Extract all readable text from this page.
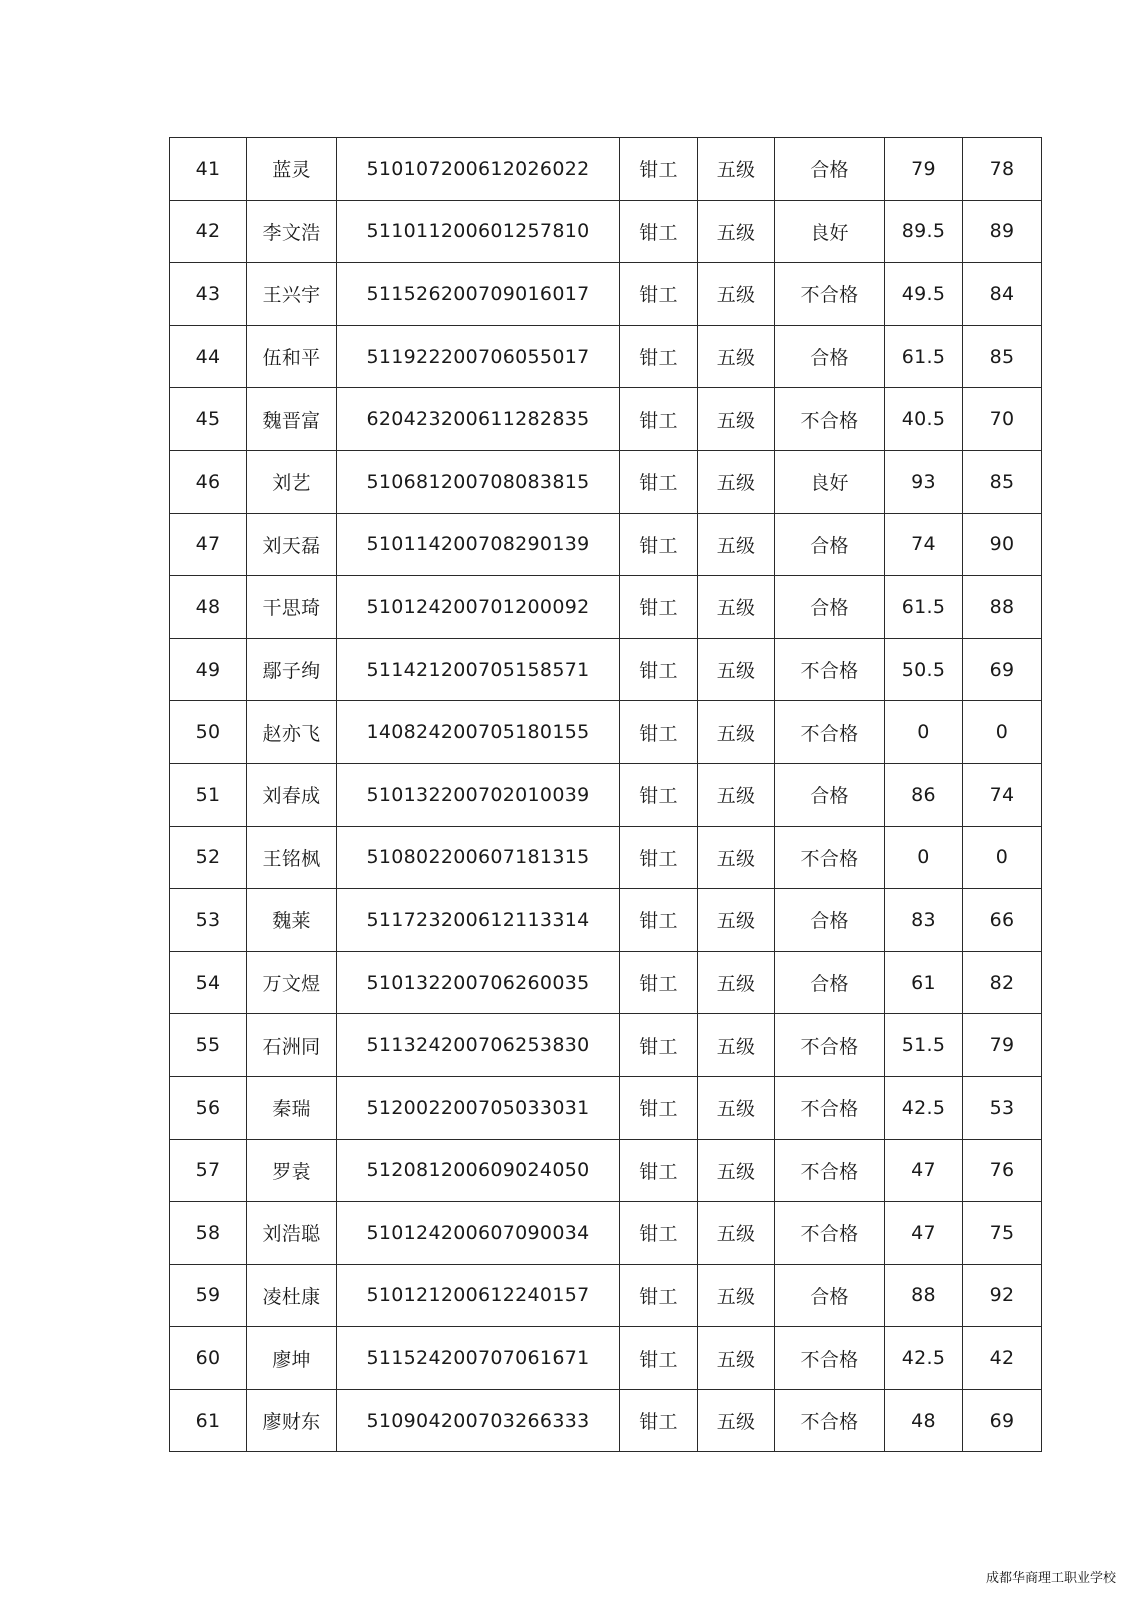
41	蓝灵	510107200612026022	钳工	五级	合格	79	78
42	李文浩	511011200601257810	钳工	五级	良好	89.5	89
43	王兴宇	511526200709016017	钳工	五级	不合格	49.5	84
44	伍和平	511922200706055017	钳工	五级	合格	61.5	85
45	魏晋富	620423200611282835	钳工	五级	不合格	40.5	70
46	刘艺	510681200708083815	钳工	五级	良好	93	85
47	刘天磊	510114200708290139	钳工	五级	合格	74	90
48	干思琦	510124200701200092	钳工	五级	合格	61.5	88
49	鄢子绚	511421200705158571	钳工	五级	不合格	50.5	69
50	赵亦飞	140824200705180155	钳工	五级	不合格	0	0
51	刘春成	510132200702010039	钳工	五级	合格	86	74
52	王铭枫	510802200607181315	钳工	五级	不合格	0	0
53	魏莱	511723200612113314	钳工	五级	合格	83	66
54	万文煜	510132200706260035	钳工	五级	合格	61	82
55	石洲同	511324200706253830	钳工	五级	不合格	51.5	79
56	秦瑞	512002200705033031	钳工	五级	不合格	42.5	53
57	罗袁	512081200609024050	钳工	五级	不合格	47	76
58	刘浩聪	510124200607090034	钳工	五级	不合格	47	75
59	凌杜康	510121200612240157	钳工	五级	合格	88	92
60	廖坤	511524200707061671	钳工	五级	不合格	42.5	42
61	廖财东	510904200703266333	钳工	五级	不合格	48	69
成都华商理工职业学校
